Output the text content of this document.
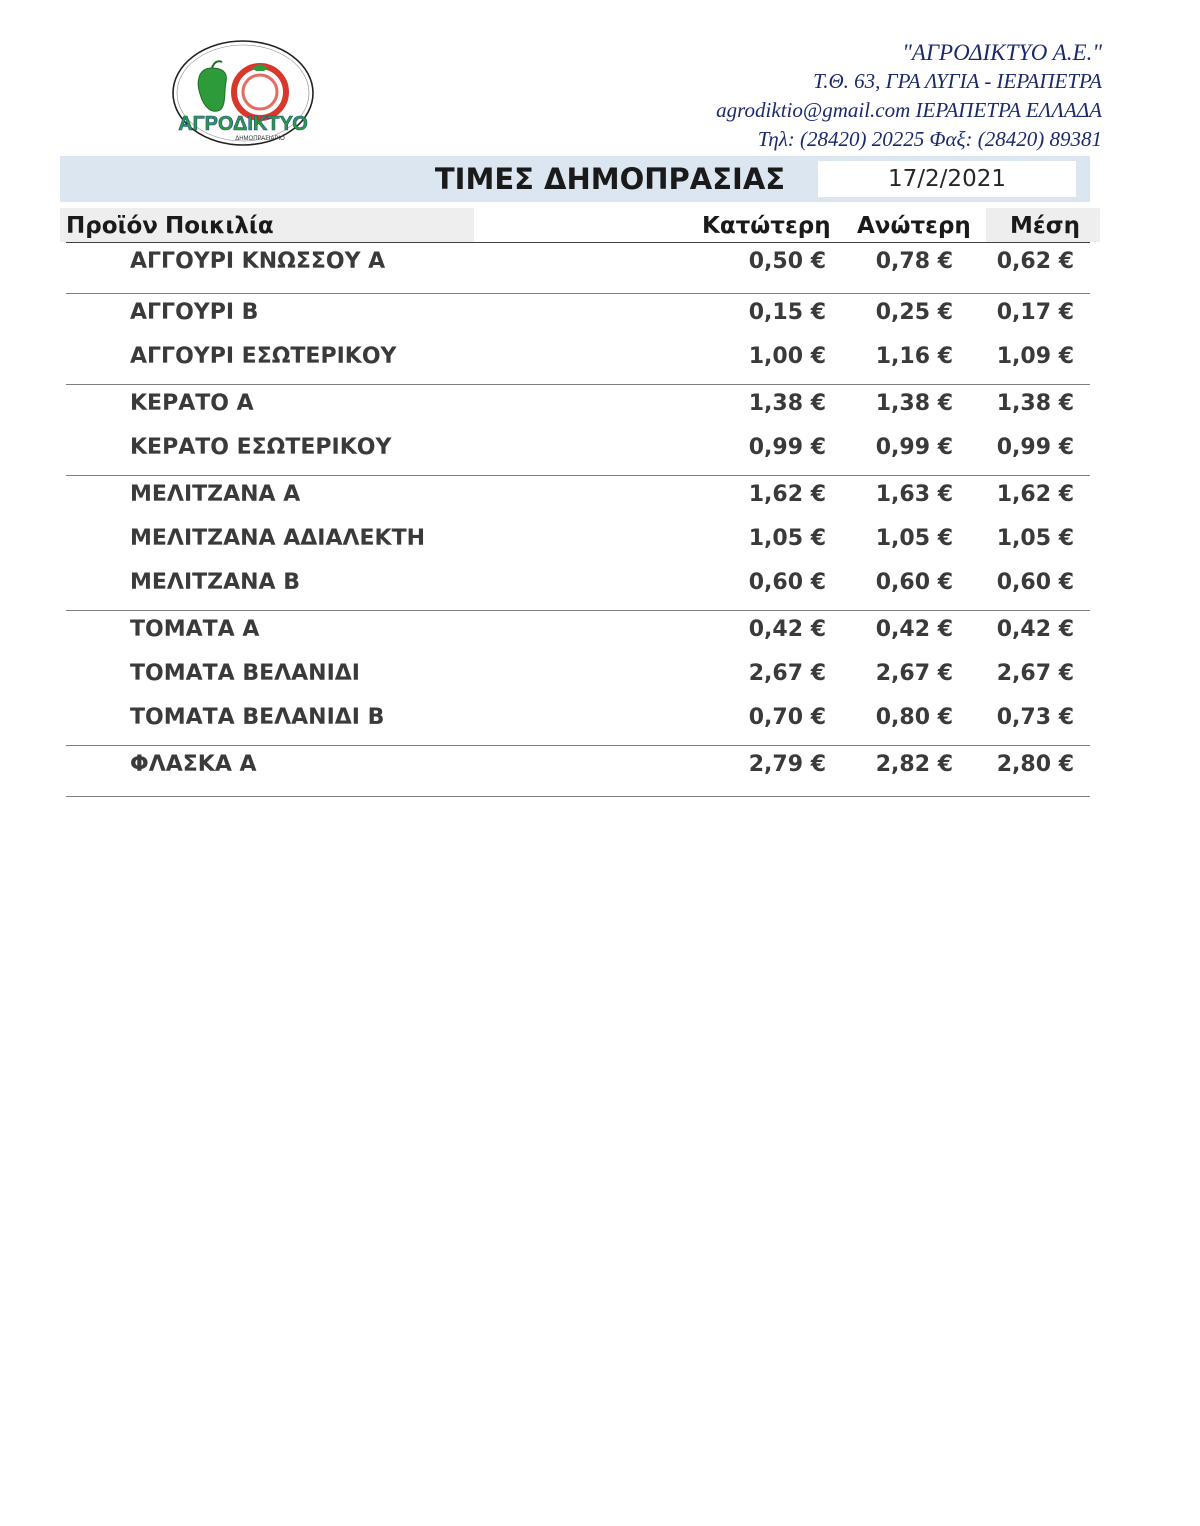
ΑΓΡΟΔΙΚΤΥΟ
ΔΗΜΟΠΡΑΣΙΑΡΙΟ
"ΑΓΡΟΔΙΚΤΥΟ Α.Ε."
Τ.Θ. 63, ΓΡΑ ΛΥΓΙΑ - ΙΕΡΑΠΕΤΡΑ
agrodiktio@gmail.com ΙΕΡΑΠΕΤΡΑ ΕΛΛΑΔΑ
Τηλ: (28420) 20225 Φαξ: (28420) 89381
ΤΙΜΕΣ ΔΗΜΟΠΡΑΣΙΑΣ	17/2/2021
Προϊόν Ποικιλία	Κατώτερη Ανώτερη Μέση
ΑΓΓΟΥΡΙ ΚΝΩΣΣΟΥ Α	0,50 €	0,78 €	0,62 €
ΑΓΓΟΥΡΙ Β	0,15 €	0,25 €	0,17 €
ΑΓΓΟΥΡΙ ΕΣΩΤΕΡΙΚΟΥ	1,00 €	1,16 €	1,09 €
ΚΕΡΑΤΟ Α	1,38 €	1,38 €	1,38 €
ΚΕΡΑΤΟ ΕΣΩΤΕΡΙΚΟΥ	0,99 €	0,99 €	0,99 €
ΜΕΛΙΤΖΑΝΑ Α	1,62 €	1,63 €	1,62 €
ΜΕΛΙΤΖΑΝΑ ΑΔΙΑΛΕΚΤΗ	1,05 €	1,05 €	1,05 €
ΜΕΛΙΤΖΑΝΑ Β	0,60 €	0,60 €	0,60 €
ΤΟΜΑΤΑ Α	0,42 €	0,42 €	0,42 €
ΤΟΜΑΤΑ ΒΕΛΑΝΙΔΙ	2,67 €	2,67 €	2,67 €
ΤΟΜΑΤΑ ΒΕΛΑΝΙΔΙ Β	0,70 €	0,80 €	0,73 €
ΦΛΑΣΚΑ Α	2,79 €	2,82 €	2,80 €
